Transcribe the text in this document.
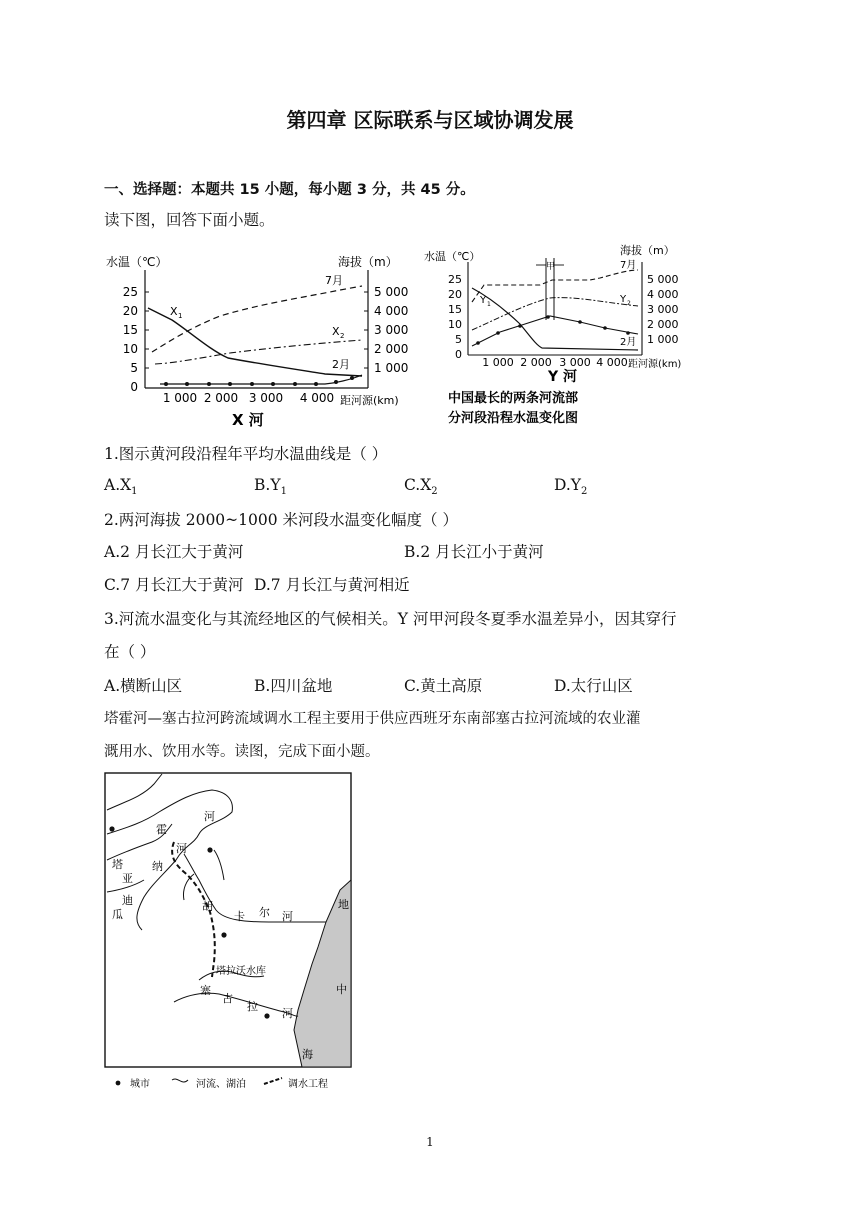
第四章 区际联系与区域协调发展
一、选择题：本题共 15 小题，每小题 3 分，共 45 分。
读下图，回答下面小题。
水温（℃）	海拔（m）
25
20
15
10
5
0
5 000
4 000
3 000
2 000
1 000
1 000 2 000 3 000 4 000 距河源(km)
X 河
X 1
X 2
7月
2月
水温（℃）	海拔（m）
25
20
15
10
5
0
5 000
4 000
3 000
2 000
1 000
1 000 2 000 3 000 4 000 距河源(km)
Y 河
甲
Y 1	Y 2
7月
2月
中国最长的两条河流部
分河段沿程水温变化图
1.图示黄河段沿程年平均水温曲线是（ ）
$A.X_1$	$B.Y_1$	$C.X_2$	$D.Y_2$
2.两河海拔 2000~1000 米河段水温变化幅度（ ）
A.2 月长江大于黄河	B.2 月长江小于黄河
C.7 月长江大于黄河 D.7 月长江与黄河相近
3.河流水温变化与其流经地区的气候相关。Y 河甲河段冬夏季水温差异小，因其穿行
在（ ）
A.横断山区	B.四川盆地	C.黄土高原	D.太行山区
塔霍河—塞古拉河跨流域调水工程主要用于供应西班牙东南部塞古拉河流域的农业灌
溉用水、饮用水等。读图，完成下面小题。
霍
河
河
塔
亚
纳
迪
瓜
胡
卡 尔 河
塔拉沃水库
塞
古
拉
河
地
中
海
城市	河流、湖泊	调水工程
1
